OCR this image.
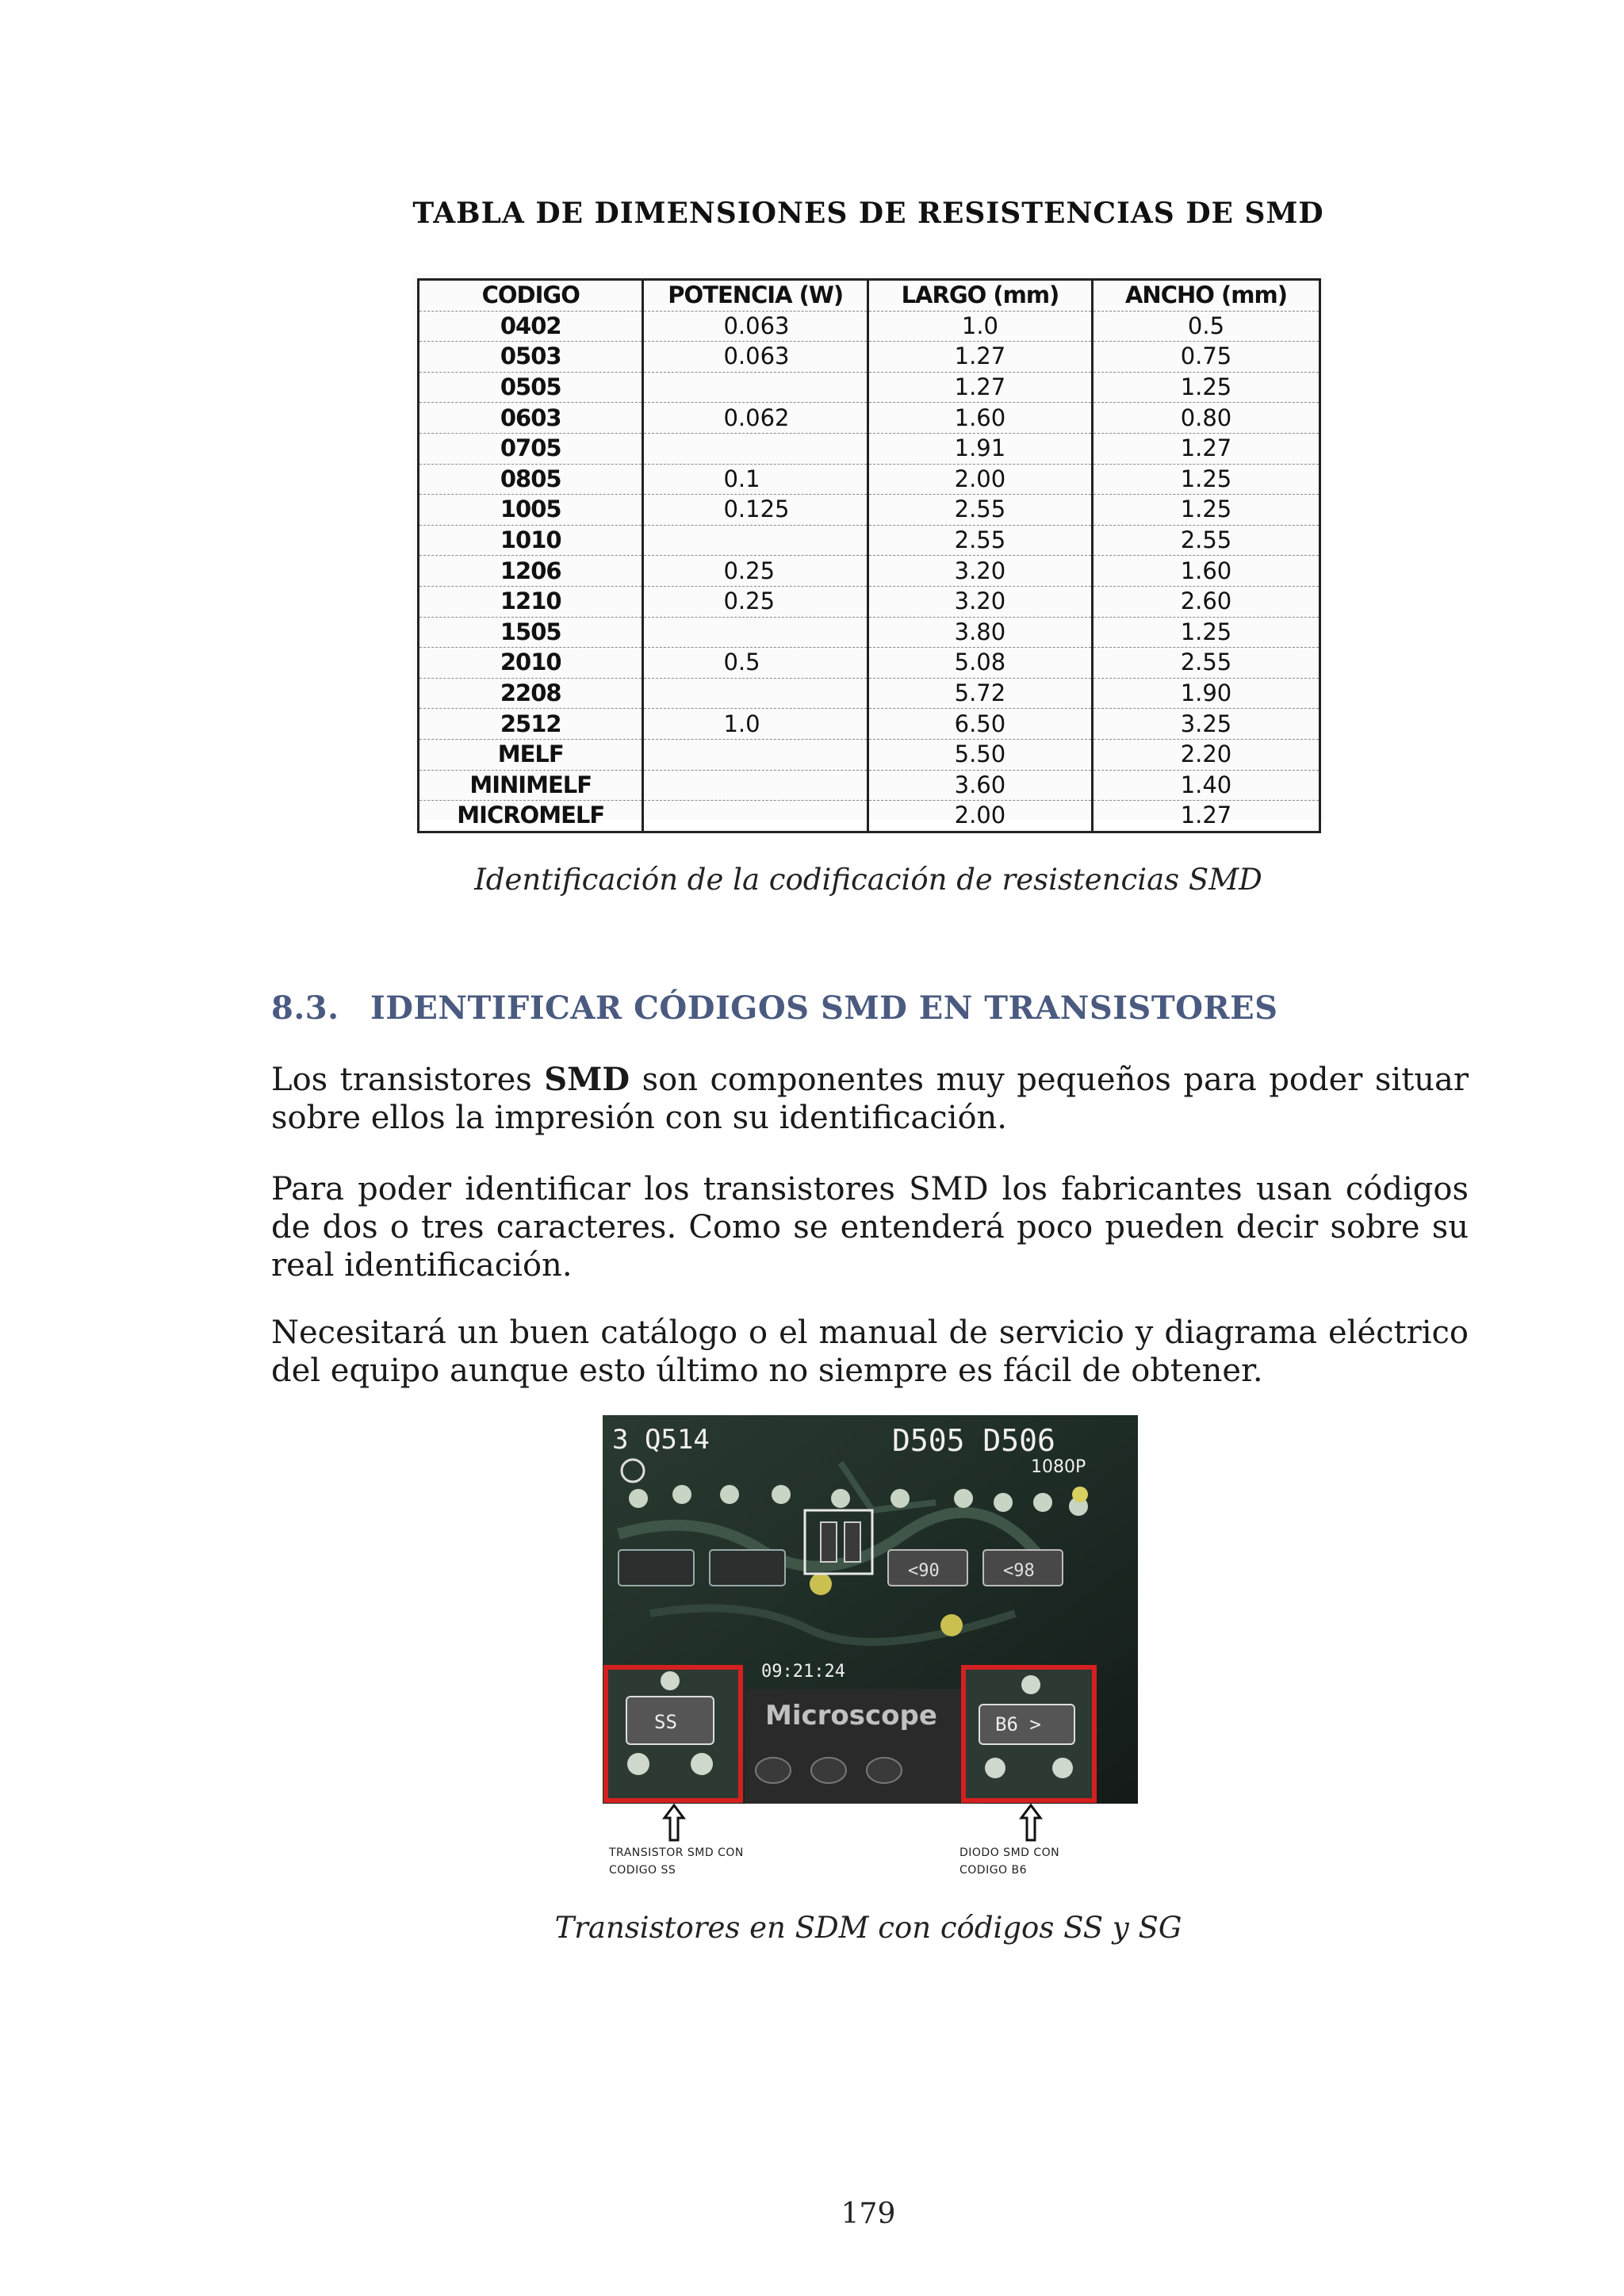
TABLA DE DIMENSIONES DE RESISTENCIAS DE SMD
CODIGO	POTENCIA (W)	LARGO (mm)	ANCHO (mm)
0402	0.063	1.0	0.5
0503	0.063	1.27	0.75
0505		1.27	1.25
0603	0.062	1.60	0.80
0705		1.91	1.27
0805	0.1	2.00	1.25
1005	0.125	2.55	1.25
1010		2.55	2.55
1206	0.25	3.20	1.60
1210	0.25	3.20	2.60
1505		3.80	1.25
2010	0.5	5.08	2.55
2208		5.72	1.90
2512	1.0	6.50	3.25
MELF		5.50	2.20
MINIMELF		3.60	1.40
MICROMELF		2.00	1.27
Identificación de la codificación de resistencias SMD
8.3. IDENTIFICAR CÓDIGOS SMD EN TRANSISTORES
Los transistores SMD son componentes muy pequeños para poder situar sobre ellos la impresión con su identificación.
Para poder identificar los transistores SMD los fabricantes usan códigos de dos o tres caracteres. Como se entenderá poco pueden decir sobre su real identificación.
Necesitará un buen catálogo o el manual de servicio y diagrama eléctrico del equipo aunque esto último no siempre es fácil de obtener.
<90	<98
3 Q514	D505 D506
1080P
09:21:24
Microscope
SS	B6 >
TRANSISTOR SMD CON
CODIGO SS
DIODO SMD CON
CODIGO B6
Transistores en SDM con códigos SS y SG
179
